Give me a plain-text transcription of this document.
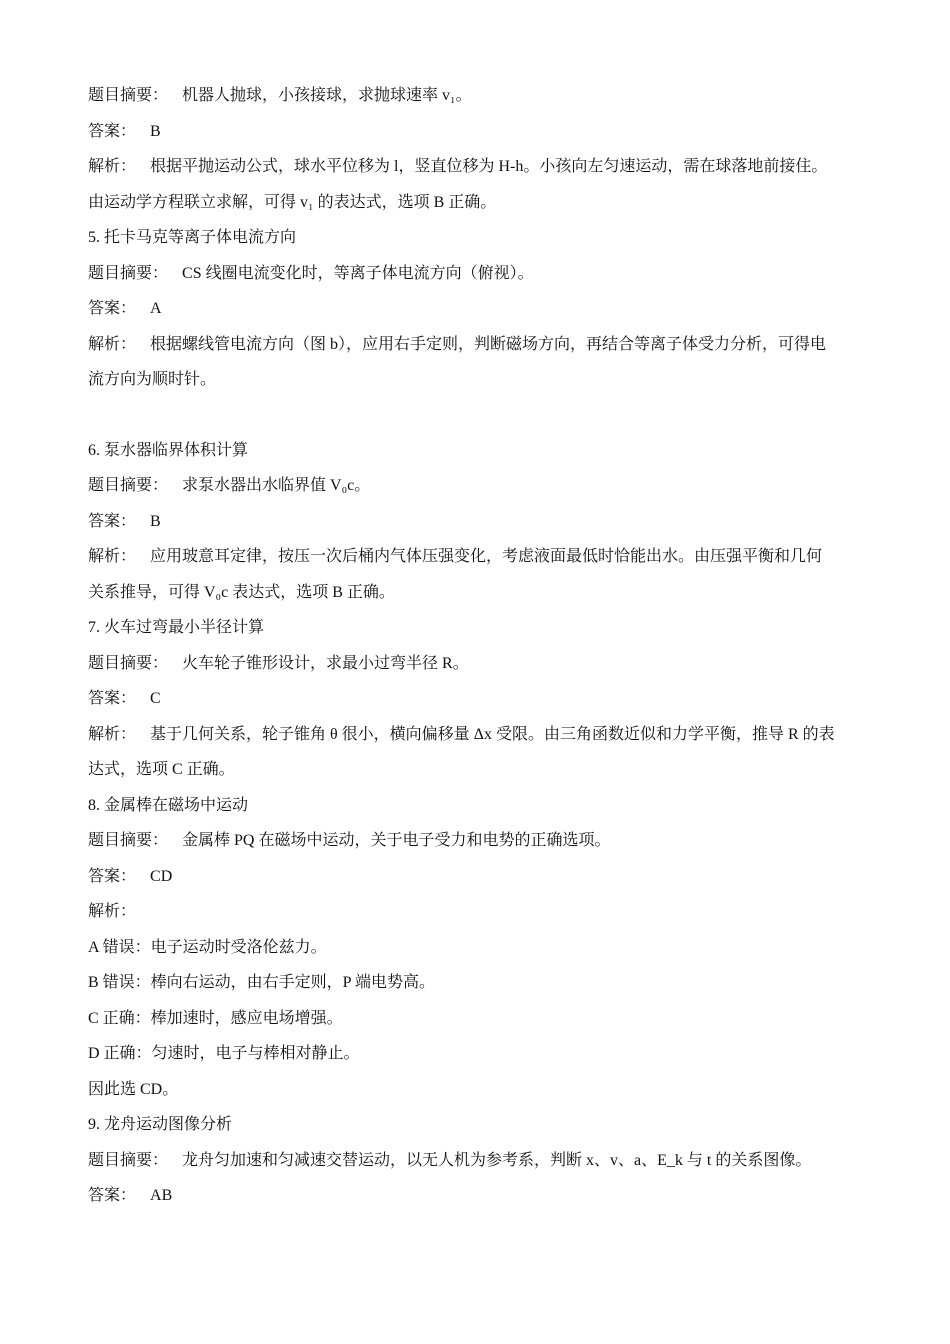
题目摘要： 机器人抛球，小孩接球，求抛球速率 v₁。
答案： B
解析： 根据平抛运动公式，球水平位移为 l，竖直位移为 H-h。小孩向左匀速运动，需在球落地前接住。
由运动学方程联立求解，可得 v₁ 的表达式，选项 B 正确。
5. 托卡马克等离子体电流方向
题目摘要： CS 线圈电流变化时，等离子体电流方向（俯视）。
答案： A
解析： 根据螺线管电流方向（图 b），应用右手定则，判断磁场方向，再结合等离子体受力分析，可得电
流方向为顺时针。
6. 泵水器临界体积计算
题目摘要： 求泵水器出水临界值 V₀c。
答案： B
解析： 应用玻意耳定律，按压一次后桶内气体压强变化，考虑液面最低时恰能出水。由压强平衡和几何
关系推导，可得 V₀c 表达式，选项 B 正确。
7. 火车过弯最小半径计算
题目摘要： 火车轮子锥形设计，求最小过弯半径 R。
答案： C
解析： 基于几何关系，轮子锥角 θ 很小，横向偏移量 Δx 受限。由三角函数近似和力学平衡，推导 R 的表
达式，选项 C 正确。
8. 金属棒在磁场中运动
题目摘要： 金属棒 PQ 在磁场中运动，关于电子受力和电势的正确选项。
答案： CD
解析：
A 错误：电子运动时受洛伦兹力。
B 错误：棒向右运动，由右手定则，P 端电势高。
C 正确：棒加速时，感应电场增强。
D 正确：匀速时，电子与棒相对静止。
因此选 CD。
9. 龙舟运动图像分析
题目摘要： 龙舟匀加速和匀减速交替运动，以无人机为参考系，判断 x、v、a、E_k 与 t 的关系图像。
答案： AB
